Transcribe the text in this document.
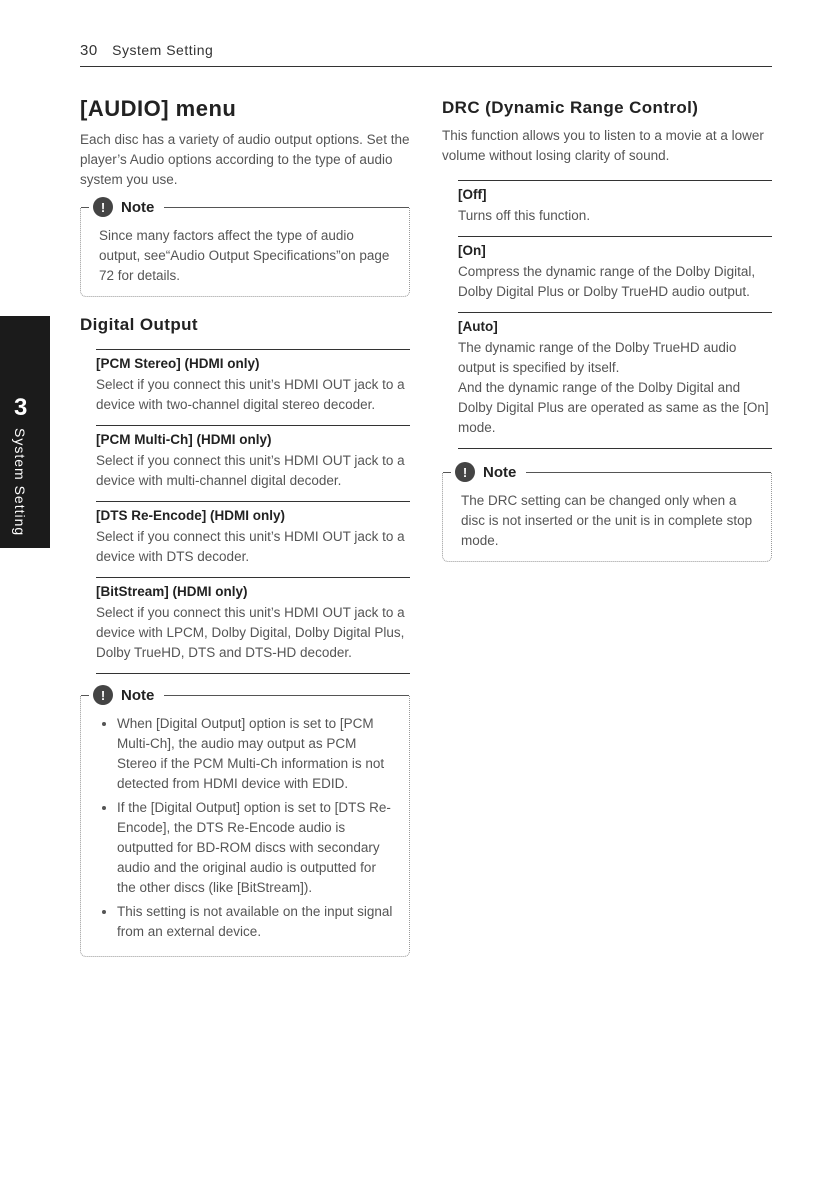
30 System Setting
3
System Setting
[AUDIO] menu

Each disc has a variety of audio output options. Set the player’s Audio options according to the type of audio system you use.

!	Note

Since many factors affect the type of audio output, see“Audio Output Specifications”on page 72 for details.

Digital Output
[PCM Stereo] (HDMI only)

Select if you connect this unit’s HDMI OUT jack to a device with two-channel digital stereo decoder.

[PCM Multi-Ch] (HDMI only)

Select if you connect this unit’s HDMI OUT jack to a device with multi-channel digital decoder.

[DTS Re-Encode] (HDMI only)

Select if you connect this unit’s HDMI OUT jack to a device with DTS decoder.

[BitStream] (HDMI only)

Select if you connect this unit’s HDMI OUT jack to a device with LPCM, Dolby Digital, Dolby Digital Plus, Dolby TrueHD, DTS and DTS-HD decoder.

!	Note
• When [Digital Output] option is set to [PCM Multi-Ch], the audio may output as PCM Stereo if the PCM Multi-Ch information is not detected from HDMI device with EDID.
• If the [Digital Output] option is set to [DTS Re-Encode], the DTS Re-Encode audio is outputted for BD-ROM discs with secondary audio and the original audio is outputted for the other discs (like [BitStream]).
• This setting is not available on the input signal from an external device.
DRC (Dynamic Range Control)

This function allows you to listen to a movie at a lower volume without losing clarity of sound.

[Off]

Turns off this function.

[On]

Compress the dynamic range of the Dolby Digital, Dolby Digital Plus or Dolby TrueHD audio output.

[Auto]

The dynamic range of the Dolby TrueHD audio output is specified by itself.
And the dynamic range of the Dolby Digital and Dolby Digital Plus are operated as same as the [On] mode.

!	Note

The DRC setting can be changed only when a disc is not inserted or the unit is in complete stop mode.
